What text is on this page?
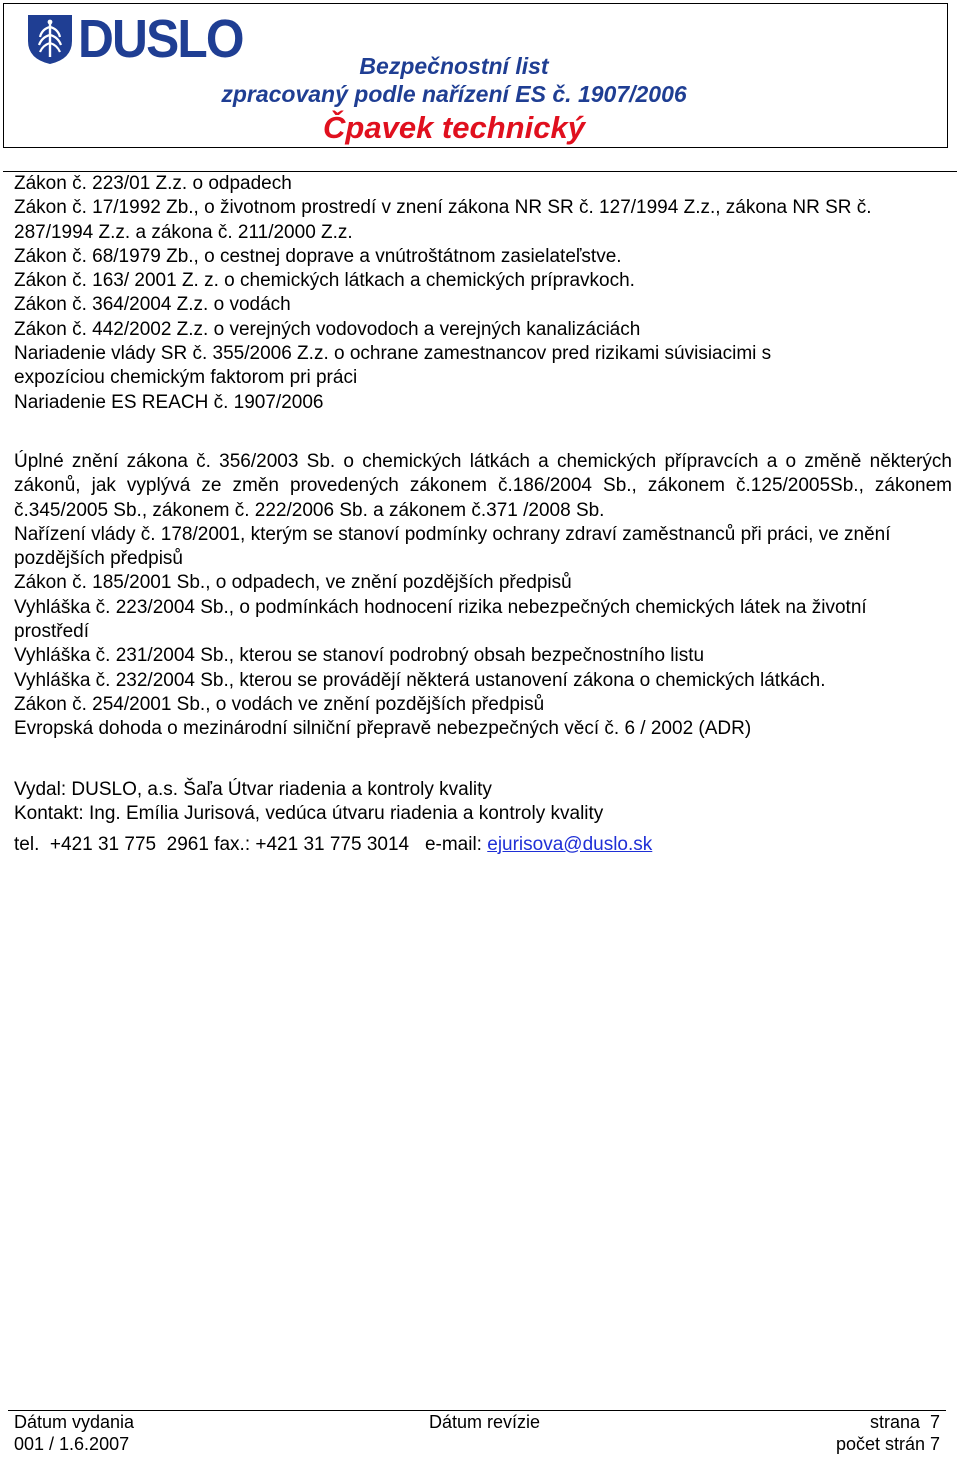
DUSLO	Bezpečnostní list
zpracovaný podle nařízení ES č. 1907/2006
Čpavek technický

Zákon č. 223/01 Z.z. o odpadech

Zákon č. 17/1992 Zb., o životnom prostredí v znení zákona NR SR č. 127/1994 Z.z., zákona NR SR č. 287/1994 Z.z. a zákona č. 211/2000 Z.z.

Zákon č. 68/1979 Zb., o cestnej doprave a vnútroštátnom zasielateľstve.

Zákon č. 163/ 2001 Z. z. o chemických látkach a chemických prípravkoch.

Zákon č. 364/2004 Z.z. o vodách

Zákon č. 442/2002 Z.z. o verejných vodovodoch a verejných kanalizáciách

Nariadenie vlády SR č. 355/2006 Z.z. o ochrane zamestnancov pred rizikami súvisiacimi s expozíciou chemickým faktorom pri práci

Nariadenie ES REACH č. 1907/2006

Úplné znění zákona č. 356/2003 Sb. o chemických látkách a chemických přípravcích a o změně některých zákonů, jak vyplývá ze změn provedených zákonem č.186/2004 Sb., zákonem č.125/2005Sb., zákonem č.345/2005 Sb., zákonem č. 222/2006 Sb. a zákonem č.371 /2008 Sb.

Nařízení vlády č. 178/2001, kterým se stanoví podmínky ochrany zdraví zaměstnanců při práci, ve znění pozdějších předpisů

Zákon č. 185/2001 Sb., o odpadech, ve znění pozdějších předpisů

Vyhláška č. 223/2004 Sb., o podmínkách hodnocení rizika nebezpečných chemických látek na životní prostředí

Vyhláška č. 231/2004 Sb., kterou se stanoví podrobný obsah bezpečnostního listu

Vyhláška č. 232/2004 Sb., kterou se provádějí některá ustanovení zákona o chemických látkách.

Zákon č. 254/2001 Sb., o vodách ve znění pozdějších předpisů

Evropská dohoda o mezinárodní silniční přepravě nebezpečných věcí č. 6 / 2002 (ADR)

Vydal: DUSLO, a.s. Šaľa Útvar riadenia a kontroly kvality

Kontakt: Ing. Emília Jurisová, vedúca útvaru riadenia a kontroly kvality

tel.  +421 31 775  2961 fax.: +421 31 775 3014   e-mail: ejurisova@duslo.sk

Dátum vydania
001 / 1.6.2007
Dátum revízie	strana  7
počet strán 7
